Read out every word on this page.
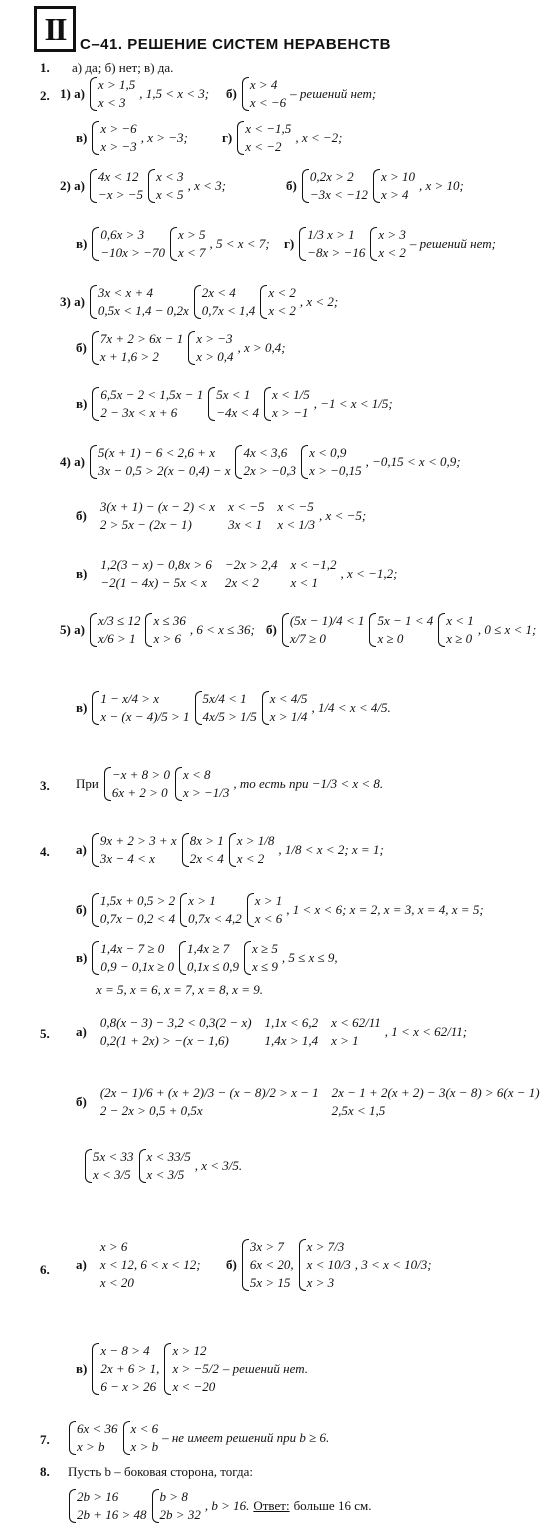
II С–41. РЕШЕНИЕ СИСТЕМ НЕРАВЕНСТВ
1. а) да; б) нет; в) да.
2. 1) а)
x > 1,5
x < 3
, 1,5 < x < 3; б)
x > 4
x < −6
– решений нет;
в)
x > −6
x > −3
, x > −3;	г)
x < −1,5
x < −2
, x < −2;
2) а)
4x < 12
−x > −5
x < 3
x < 5
, x < 3;	б)
0,2x > 2
−3x < −12
x > 10
x > 4
, x > 10;
в)
0,6x > 3
−10x > −70
x > 5
x < 7
, 5 < x < 7; г)
1/3 x > 1
−8x > −16
x > 3
x < 2
– решений нет;
3) а)
3x < x + 4
0,5x < 1,4 − 0,2x
2x < 4
0,7x < 1,4
x < 2
x < 2
, x < 2;
б)
7x + 2 > 6x − 1
x + 1,6 > 2
x > −3
x > 0,4
, x > 0,4;
в)
6,5x − 2 < 1,5x − 1
2 − 3x < x + 6
5x < 1
−4x < 4
x < 1/5
x > −1
, −1 < x < 1/5;
4) а)
5(x + 1) − 6 < 2,6 + x
3x − 0,5 > 2(x − 0,4) − x
4x < 3,6
2x > −0,3
x < 0,9
x > −0,15
, −0,15 < x < 0,9;
б)
3(x + 1) − (x − 2) < x
2 > 5x − (2x − 1)
x < −5
3x < 1
x < −5
x < 1/3
, x < −5;
в)
1,2(3 − x) − 0,8x > 6
−2(1 − 4x) − 5x < x
−2x > 2,4
2x < 2
x < −1,2
x < 1
, x < −1,2;
5) а)
x/3 ≤ 12
x/6 > 1
x ≤ 36
x > 6
, 6 < x ≤ 36; б)
(5x − 1)/4 < 1
x/7 ≥ 0
5x − 1 < 4
x ≥ 0
x < 1
x ≥ 0
, 0 ≤ x < 1;
в)
1 − x/4 > x
x − (x − 4)/5 > 1
5x/4 < 1
4x/5 > 1/5
x < 4/5
x > 1/4
, 1/4 < x < 4/5.
3. При
−x + 8 > 0
6x + 2 > 0
x < 8
x > −1/3
, то есть при −1/3 < x < 8.
4. а)
9x + 2 > 3 + x
3x − 4 < x
8x > 1
2x < 4
x > 1/8
x < 2
, 1/8 < x < 2; x = 1;
б)
1,5x + 0,5 > 2
0,7x − 0,2 < 4
x > 1
0,7x < 4,2
x > 1
x < 6
, 1 < x < 6; x = 2, x = 3, x = 4, x = 5;
в)
1,4x − 7 ≥ 0
0,9 − 0,1x ≥ 0
1,4x ≥ 7
0,1x ≤ 0,9
x ≥ 5
x ≤ 9
, 5 ≤ x ≤ 9,
x = 5, x = 6, x = 7, x = 8, x = 9.
5. а)
0,8(x − 3) − 3,2 < 0,3(2 − x)
0,2(1 + 2x) > −(x − 1,6)
1,1x < 6,2
1,4x > 1,4
x < 62/11
x > 1
, 1 < x < 62/11;
б)
(2x − 1)/6 + (x + 2)/3 − (x − 8)/2 > x − 1
2 − 2x > 0,5 + 0,5x
2x − 1 + 2(x + 2) − 3(x − 8) > 6(x − 1)
2,5x < 1,5
5x < 33
x < 3/5
x < 33/5
x < 3/5
, x < 3/5.
6. а)
x > 6
x < 12, 6 < x < 12;
x < 20
б)
3x > 7
6x < 20,
5x > 15
x > 7/3
x < 10/3
x > 3
, 3 < x < 10/3;
в)
x − 8 > 4
2x + 6 > 1,
6 − x > 26
x > 12
x > −5/2
x < −20
– решений нет.
7.
6x < 36
x > b
x < 6
x > b
– не имеет решений при b ≥ 6.
8. Пусть b – боковая сторона, тогда:
2b > 16
2b + 16 > 48
b > 8
2b > 32
, b > 16. Ответ: больше 16 см.
